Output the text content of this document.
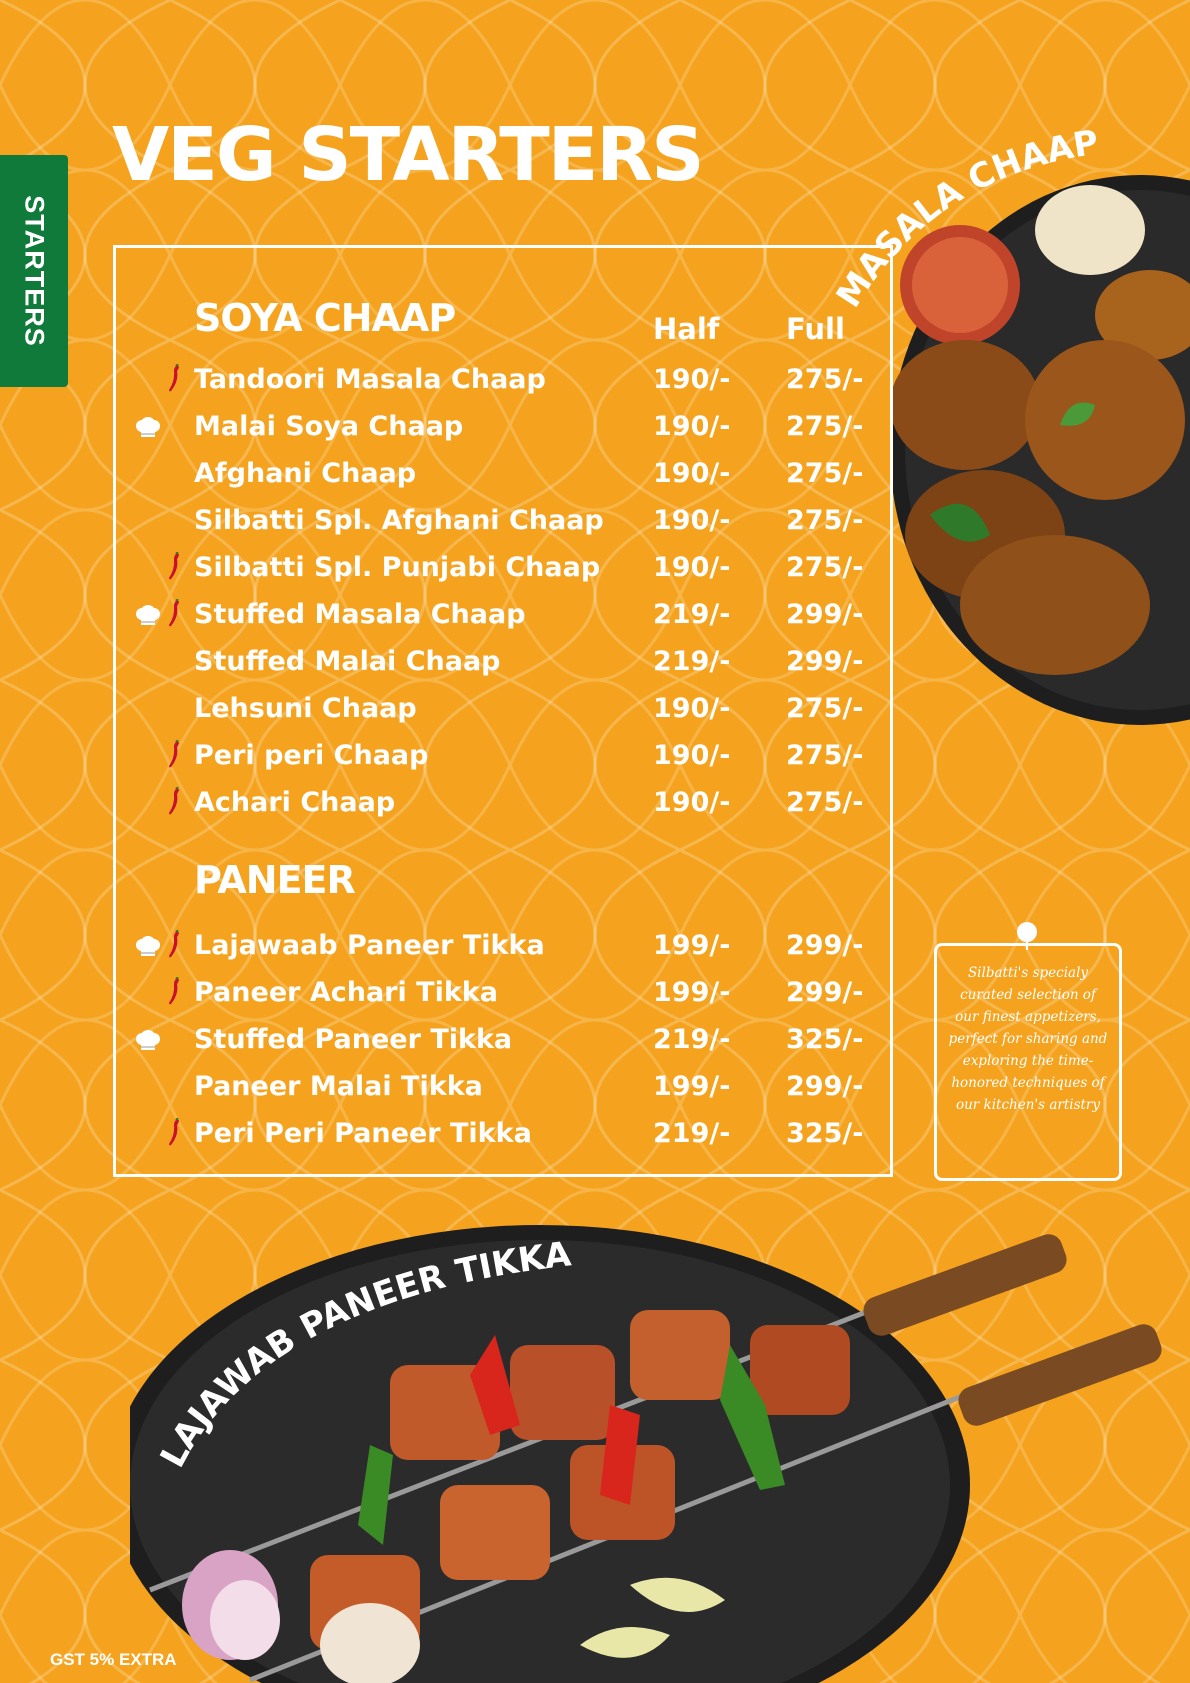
STARTERS
VEG STARTERS
MASALA CHAAP
SOYA CHAAP	Half Full
Tandoori Masala Chaap	190/- 275/-
Malai Soya Chaap	190/- 275/-
Afghani Chaap	190/- 275/-
Silbatti Spl. Afghani Chaap 190/- 275/-
Silbatti Spl. Punjabi Chaap 190/- 275/-
Stuffed Masala Chaap	219/- 299/-
Stuffed Malai Chaap	219/- 299/-
Lehsuni Chaap	190/- 275/-
Peri peri Chaap	190/- 275/-
Achari Chaap	190/- 275/-
PANEER
Lajawaab Paneer Tikka	199/- 299/-
Paneer Achari Tikka	199/- 299/-
Stuffed Paneer Tikka	219/- 325/-
Paneer Malai Tikka	199/- 299/-
Peri Peri Paneer Tikka	219/- 325/-

Silbatti's specialy curated selection of our finest appetizers, perfect for sharing and exploring the time-honored techniques of our kitchen's artistry

LAJAWAB PANEER TIKKA
GST 5% EXTRA
